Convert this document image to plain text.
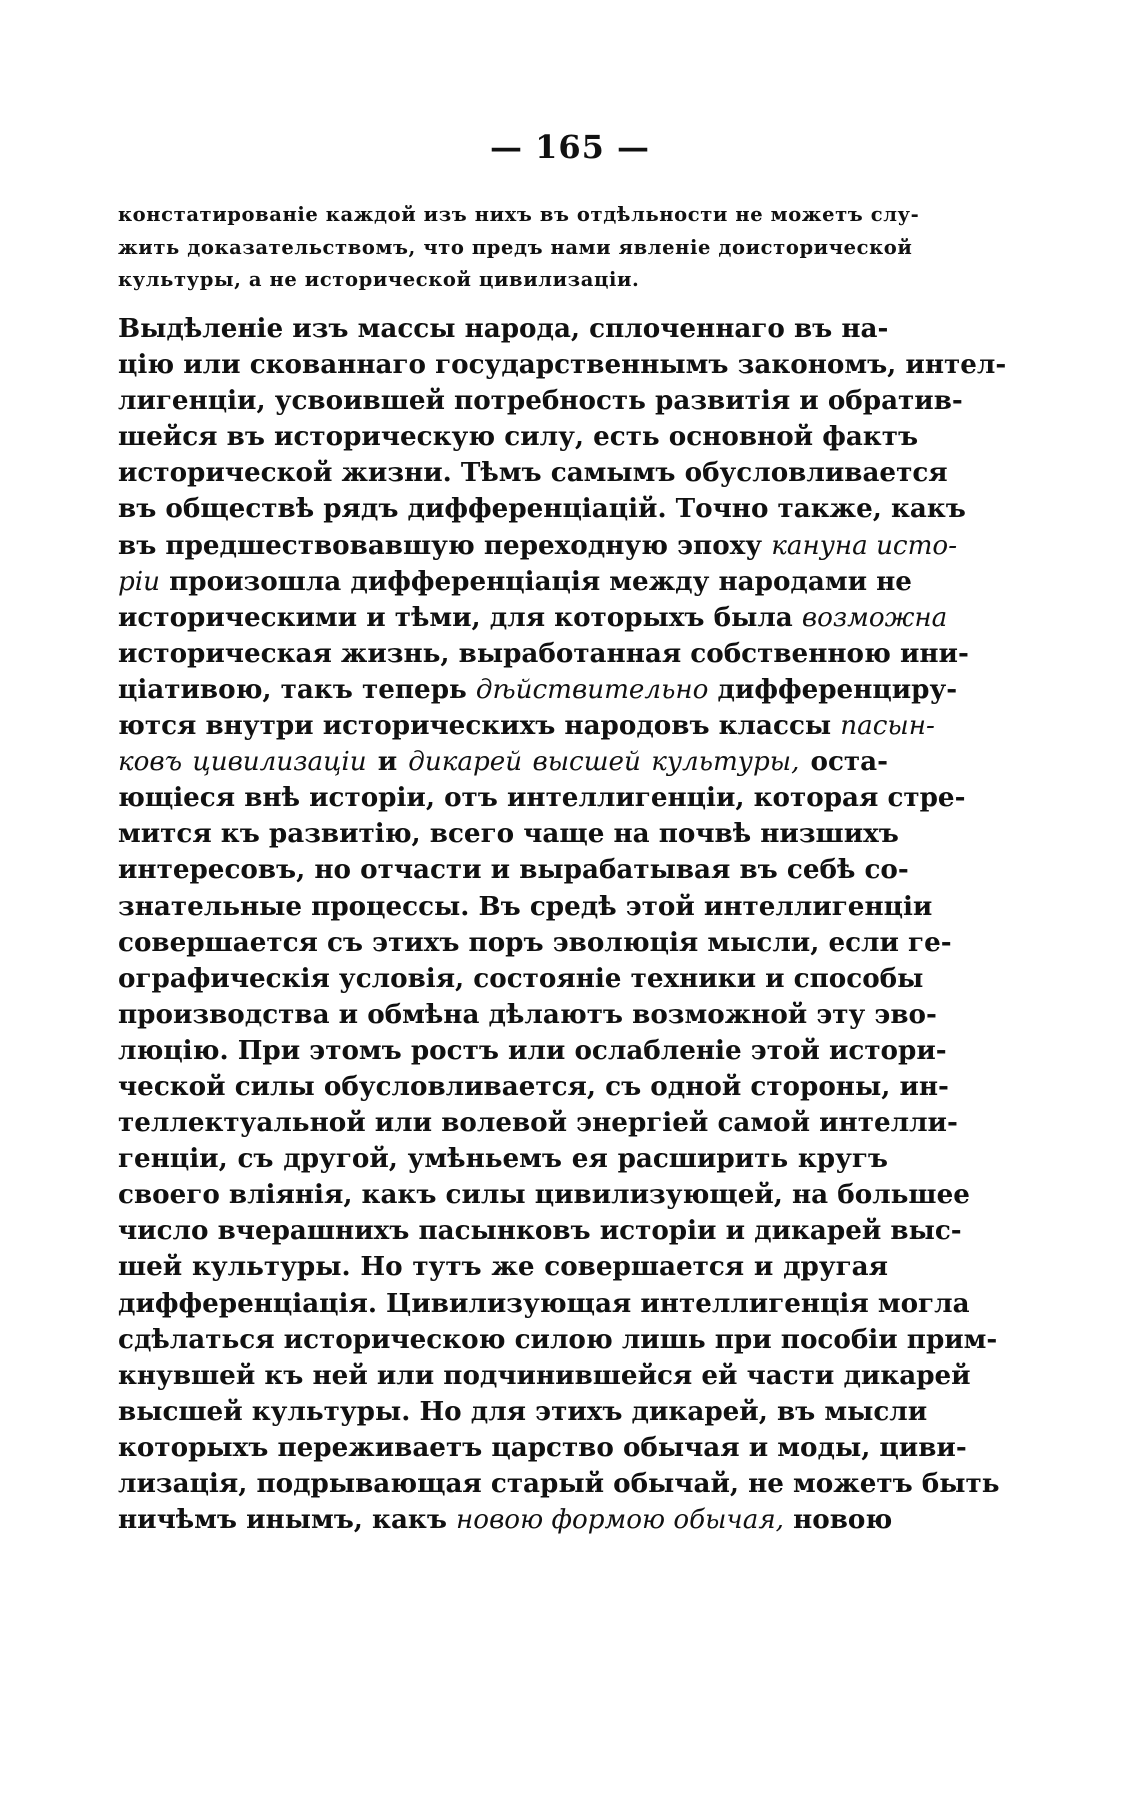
— 165 —
констатированіе каждой изъ нихъ въ отдѣльности не можетъ слу-
жить доказательствомъ, что предъ нами явленіе доисторической
культуры, а не исторической цивилизаціи.
Выдѣленіе изъ массы народа, сплоченнаго въ на-
цію или скованнаго государственнымъ закономъ, интел-
лигенціи, усвоившей потребность развитія и обратив-
шейся въ историческую силу, есть основной фактъ
исторической жизни. Тѣмъ самымъ обусловливается
въ обществѣ рядъ дифференціацій. Точно также, какъ
въ предшествовавшую переходную эпоху кануна исто-
ріи произошла дифференціація между народами не
историческими и тѣми, для которыхъ была возможна
историческая жизнь, выработанная собственною ини-
ціативою, такъ теперь дѣйствительно дифференциру-
ются внутри историческихъ народовъ классы пасын-
ковъ цивилизаціи и дикарей высшей культуры, оста-
ющіеся внѣ исторіи, отъ интеллигенціи, которая стре-
мится къ развитію, всего чаще на почвѣ низшихъ
интересовъ, но отчасти и вырабатывая въ себѣ со-
знательные процессы. Въ средѣ этой интеллигенціи
совершается съ этихъ поръ эволюція мысли, если ге-
ографическія условія, состояніе техники и способы
производства и обмѣна дѣлаютъ возможной эту эво-
люцію. При этомъ ростъ или ослабленіе этой истори-
ческой силы обусловливается, съ одной стороны, ин-
теллектуальной или волевой энергіей самой интелли-
генціи, съ другой, умѣньемъ ея расширить кругъ
своего вліянія, какъ силы цивилизующей, на большее
число вчерашнихъ пасынковъ исторіи и дикарей выс-
шей культуры. Но тутъ же совершается и другая
дифференціація. Цивилизующая интеллигенція могла
сдѣлаться историческою силою лишь при пособіи прим-
кнувшей къ ней или подчинившейся ей части дикарей
высшей культуры. Но для этихъ дикарей, въ мысли
которыхъ переживаетъ царство обычая и моды, циви-
лизація, подрывающая старый обычай, не можетъ быть
ничѣмъ инымъ, какъ новою формою обычая, новою
